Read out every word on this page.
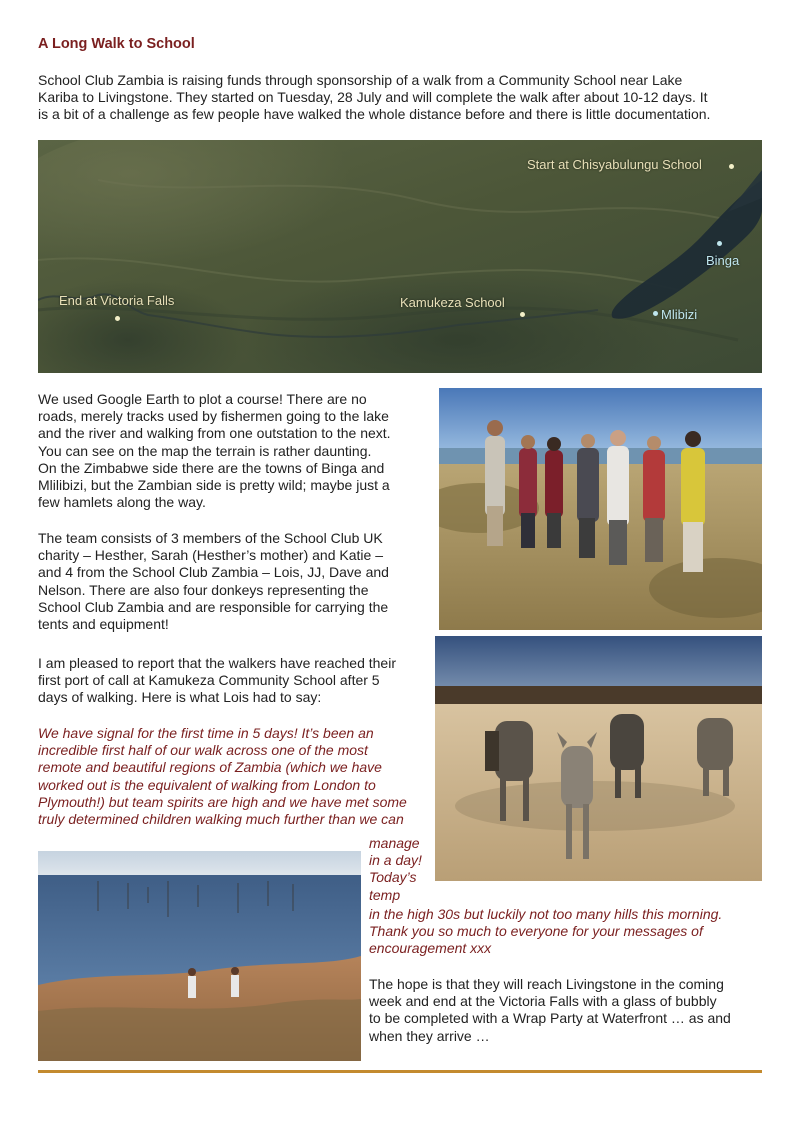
A Long Walk to School
School Club Zambia is raising funds through sponsorship of a walk from a Community School near Lake
Kariba to Livingstone. They started on Tuesday, 28 July and will complete the walk after about 10-12 days. It
is a bit of a challenge as few people have walked the whole distance before and there is little documentation.
Start at Chisyabulungu School
Binga
End at Victoria Falls	Kamukeza School
Mlibizi
We used Google Earth to plot a course! There are no
roads, merely tracks used by fishermen going to the lake
and the river and walking from one outstation to the next.
You can see on the map the terrain is rather daunting.
On the Zimbabwe side there are the towns of Binga and
Mlilibizi, but the Zambian side is pretty wild; maybe just a
few hamlets along the way.
The team consists of 3 members of the School Club UK
charity – Hesther, Sarah (Hesther’s mother) and Katie –
and 4 from the School Club Zambia – Lois, JJ, Dave and
Nelson. There are also four donkeys representing the
School Club Zambia and are responsible for carrying the
tents and equipment!
I am pleased to report that the walkers have reached their
first port of call at Kamukeza Community School after 5
days of walking. Here is what Lois had to say:
We have signal for the first time in 5 days! It’s been an
incredible first half of our walk across one of the most
remote and beautiful regions of Zambia (which we have
worked out is the equivalent of walking from London to
Plymouth!) but team spirits are high and we have met some
truly determined children walking much further than we can
manage
in a day!
Today’s
temp
in the high 30s but luckily not too many hills this morning.
Thank you so much to everyone for your messages of
encouragement xxx
The hope is that they will reach Livingstone in the coming
week and end at the Victoria Falls with a glass of bubbly
to be completed with a Wrap Party at Waterfront … as and
when they arrive …
